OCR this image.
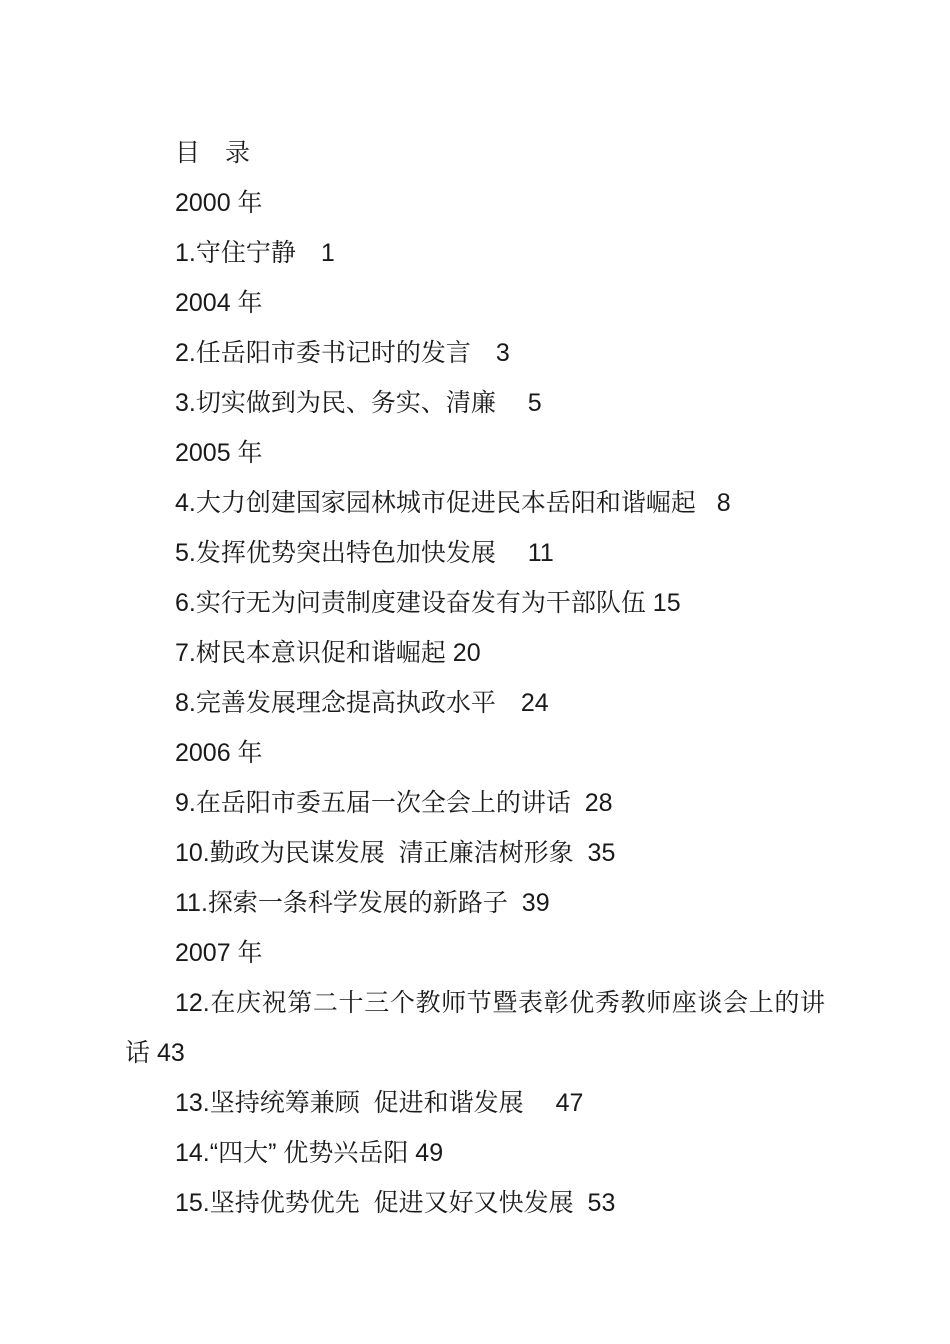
目　录

2000 年

1.守住宁静　1

2004 年

2.任岳阳市委书记时的发言　3

3.切实做到为民、务实、清廉　 5

2005 年

4.大力创建国家园林城市促进民本岳阳和谐崛起   8

5.发挥优势突出特色加快发展　 11

6.实行无为问责制度建设奋发有为干部队伍 15

7.树民本意识促和谐崛起 20

8.完善发展理念提高执政水平　24

2006 年

9.在岳阳市委五届一次全会上的讲话  28

10.勤政为民谋发展  清正廉洁树形象  35

11.探索一条科学发展的新路子  39

2007 年

12.在庆祝第二十三个教师节暨表彰优秀教师座谈会上的讲话 43

13.坚持统筹兼顾  促进和谐发展　 47

14.“四大” 优势兴岳阳 49

15.坚持优势优先  促进又好又快发展  53
